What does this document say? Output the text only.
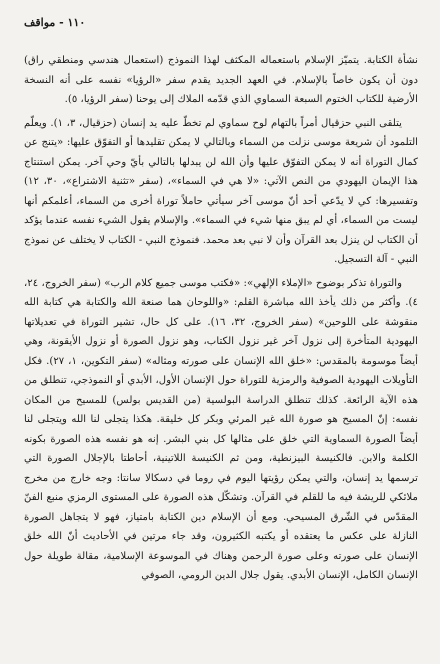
١١٠ - مواقف

نشأة الكتابة. يتميّز الإسلام باستعماله المكثف لهذا النموذج (استعمال هندسي ومنطقي راق) دون أن يكون خاصاً بالإسلام. في العهد الجديد يقدم سفر «الرؤيا» نفسه على أنه النسخة الأرضية للكتاب الختوم السبعة السماوي الذي قدّمه الملاك إلى يوحنا (سفر الرؤيا، ٥).

يتلقى النبي حزقيال أمراً بالتهام لوح سماوي لم تخطّ عليه يد إنسان (حزقيال، ٣، ١). ويعلّم التلمود أن شريعة موسى نزلت من السماء وبالتالي لا يمكن تقليدها أو التفوّق عليها: «يتنج عن كمال التوراة أنه لا يمكن التفوّق عليها وأن الله لن يبدلها بالتالي بأيّ وحي آخر. يمكن استنتاج هذا الإيمان اليهودي من النص الآتي: «لا هي في السماء»، (سفر «تثنية الاشتراع»، ٣٠، ١٢) وتفسيرها: كي لا يدّعي أحد أنّ موسى آخر سيأتي حاملاً توراة أخرى من السماء، أعلمكم أنها ليست من السماء، أي لم يبق منها شيء في السماء». والإسلام يقول الشيء نفسه عندما يؤكد أن الكتاب لن ينزل بعد القرآن وأن لا نبي بعد محمد. فنموذج النبي - الكتاب لا يختلف عن نموذج النبي - آلة التسجيل.

والتوراة تذكر بوضوح «الإملاء الإلهي»: «فكتب موسى جميع كلام الرب» (سفر الخروج، ٢٤، ٤). وأكثر من ذلك يأخذ الله مباشرة القلم: «واللوحان هما صنعة الله والكتابة هي كتابة الله منقوشة على اللوحين» (سفر الخروج، ٣٢، ١٦). على كل حال، تشير التوراة في تعديلاتها اليهودية المتأخرة إلى نزول آخر غير نزول الكتاب، وهو نزول الصورة أو نزول الأيقونة، وهي أيضاً موسومة بالمقدس: «خلق الله الإنسان على صورته ومثاله» (سفر التكوين، ١، ٢٧). فكل التأويلات اليهودية الصوفية والرمزية للتوراة حول الإنسان الأول، الأبدي أو النموذجي، تنطلق من هذه الآية الرائعة. كذلك تنطلق الدراسة البولسية (من القديس بولس) للمسيح من المكان نفسه: إنّ المسيح هو صورة الله غير المرئي وبكر كل خليقة. هكذا يتجلى لنا الله ويتجلى لنا أيضاً الصورة السماوية التي خلق على مثالها كل بني البشر. إنه هو نفسه هذه الصورة بكونه الكلمة والابن. فالكنيسة البيزنطية، ومن ثم الكنيسة اللاتينية، أحاطتا بالإجلال الصورة التي ترسمها يد إنسان، والتي يمكن رؤيتها اليوم في روما في دسكالا سانتا: وجه خارج من مخرج ملائكي للريشة فيه ما للقلم في القرآن. وتشكّل هذه الصورة على المستوى الرمزي منبع الفنّ المقدّس في الشّرق المسيحي. ومع أن الإسلام دين الكتابة بامتياز، فهو لا يتجاهل الصورة النازلة على عكس ما يعتقده أو يكتبه الكثيرون، وقد جاء مرتين في الأحاديث أنّ الله خلق الإنسان على صورته وعلى صورة الرحمن وهناك في الموسوعة الإسلامية، مقالة طويلة حول الإنسان الكامل، الإنسان الأبدي. يقول جلال الدين الرومي، الصوفي
